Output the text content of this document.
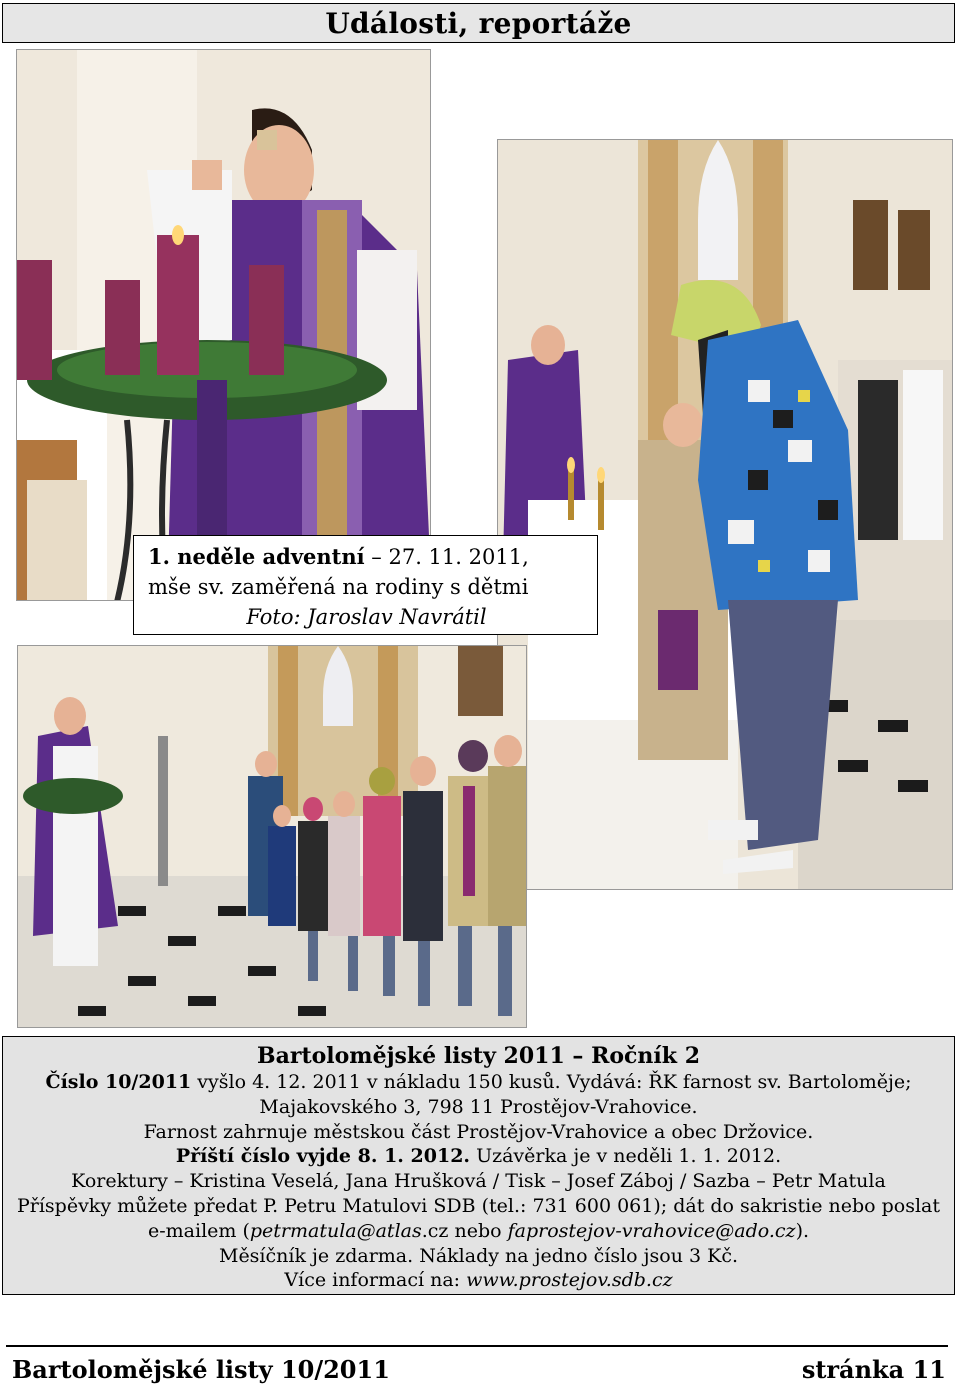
Události, reportáže
1. neděle adventní – 27. 11. 2011,
mše sv. zaměřená na rodiny s dětmi
Foto: Jaroslav Navrátil
Bartolomějské listy 2011 – Ročník 2
Číslo 10/2011 vyšlo 4. 12. 2011 v nákladu 150 kusů. Vydává: ŘK farnost sv. Bartoloměje;
Majakovského 3, 798 11 Prostějov-Vrahovice.
Farnost zahrnuje městskou část Prostějov-Vrahovice a obec Držovice.
Příští číslo vyjde 8. 1. 2012. Uzávěrka je v neděli 1. 1. 2012.
Korektury – Kristina Veselá, Jana Hrušková / Tisk – Josef Záboj / Sazba – Petr Matula
Příspěvky můžete předat P. Petru Matulovi SDB (tel.: 731 600 061); dát do sakristie nebo poslat
e-mailem (petrmatula@atlas.cz nebo faprostejov-vrahovice@ado.cz).
Měsíčník je zdarma. Náklady na jedno číslo jsou 3 Kč.
Více informací na: www.prostejov.sdb.cz
Bartolomějské listy 10/2011	stránka 11
